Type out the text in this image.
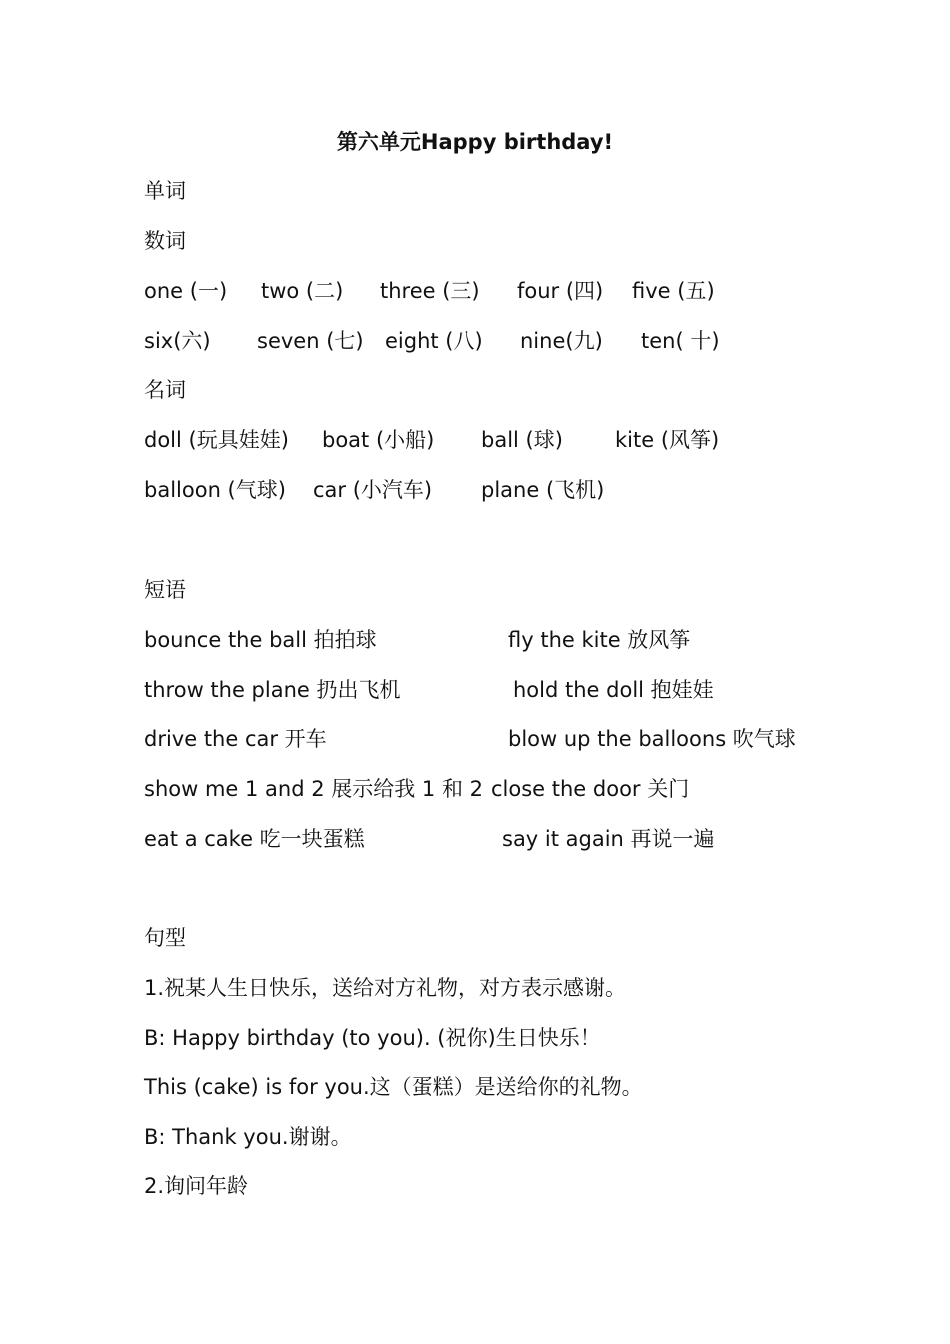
第六单元Happy birthday!
单词
数词
one (一) two (二) three (三) four (四) five (五)
six(六) seven (七) eight (八) nine(九) ten( 十)
名词
doll (玩具娃娃) boat (小船) ball (球) kite (风筝)
balloon (气球) car (小汽车) plane (飞机)
短语
bounce the ball 拍拍球	fly the kite 放风筝
throw the plane 扔出飞机	hold the doll 抱娃娃
drive the car 开车	blow up the balloons 吹气球
show me 1 and 2 展示给我 1 和 2 close the door 关门
eat a cake 吃一块蛋糕	say it again 再说一遍
句型
1.祝某人生日快乐，送给对方礼物，对方表示感谢。
B: Happy birthday (to you). (祝你)生日快乐！
This (cake) is for you.这（蛋糕）是送给你的礼物。
B: Thank you.谢谢。
2.询问年龄
